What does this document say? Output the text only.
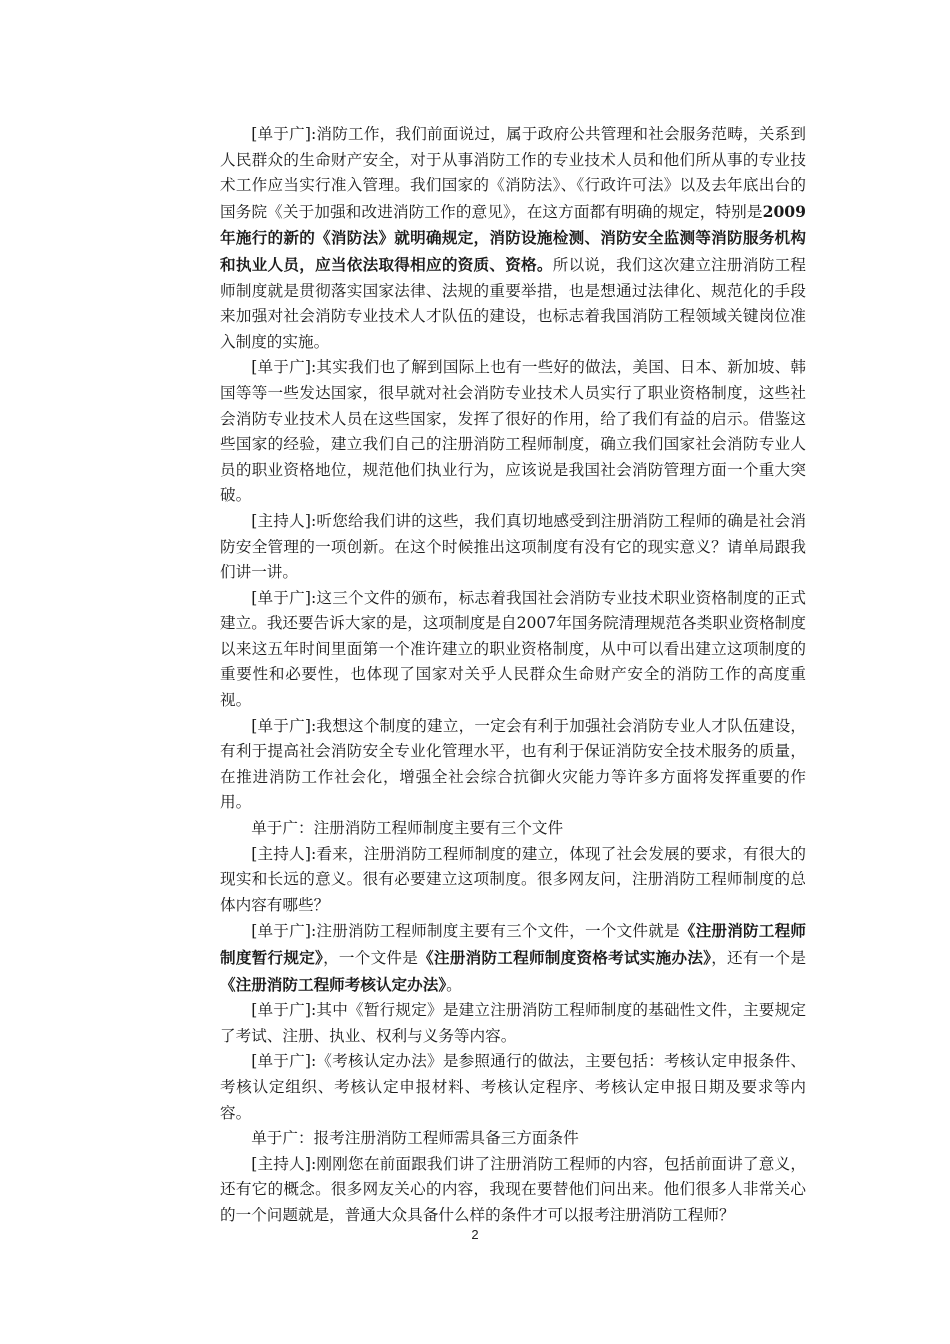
[单于广]:消防工作，我们前面说过，属于政府公共管理和社会服务范畴，关系到人民群众的生命财产安全，对于从事消防工作的专业技术人员和他们所从事的专业技术工作应当实行准入管理。我们国家的《消防法》、《行政许可法》以及去年底出台的国务院《关于加强和改进消防工作的意见》，在这方面都有明确的规定，特别是2009年施行的新的《消防法》就明确规定，消防设施检测、消防安全监测等消防服务机构和执业人员，应当依法取得相应的资质、资格。所以说，我们这次建立注册消防工程师制度就是贯彻落实国家法律、法规的重要举措，也是想通过法律化、规范化的手段来加强对社会消防专业技术人才队伍的建设，也标志着我国消防工程领域关键岗位准入制度的实施。

[单于广]:其实我们也了解到国际上也有一些好的做法，美国、日本、新加坡、韩国等等一些发达国家，很早就对社会消防专业技术人员实行了职业资格制度，这些社会消防专业技术人员在这些国家，发挥了很好的作用，给了我们有益的启示。借鉴这些国家的经验，建立我们自己的注册消防工程师制度，确立我们国家社会消防专业人员的职业资格地位，规范他们执业行为，应该说是我国社会消防管理方面一个重大突破。

[主持人]:听您给我们讲的这些，我们真切地感受到注册消防工程师的确是社会消防安全管理的一项创新。在这个时候推出这项制度有没有它的现实意义？请单局跟我们讲一讲。

[单于广]:这三个文件的颁布，标志着我国社会消防专业技术职业资格制度的正式建立。我还要告诉大家的是，这项制度是自2007年国务院清理规范各类职业资格制度以来这五年时间里面第一个准许建立的职业资格制度，从中可以看出建立这项制度的重要性和必要性，也体现了国家对关乎人民群众生命财产安全的消防工作的高度重视。

[单于广]:我想这个制度的建立，一定会有利于加强社会消防专业人才队伍建设，有利于提高社会消防安全专业化管理水平，也有利于保证消防安全技术服务的质量，在推进消防工作社会化，增强全社会综合抗御火灾能力等许多方面将发挥重要的作用。

单于广：注册消防工程师制度主要有三个文件

[主持人]:看来，注册消防工程师制度的建立，体现了社会发展的要求，有很大的现实和长远的意义。很有必要建立这项制度。很多网友问，注册消防工程师制度的总体内容有哪些？

[单于广]:注册消防工程师制度主要有三个文件，一个文件就是《注册消防工程师制度暂行规定》，一个文件是《注册消防工程师制度资格考试实施办法》，还有一个是《注册消防工程师考核认定办法》。

[单于广]:其中《暂行规定》是建立注册消防工程师制度的基础性文件，主要规定了考试、注册、执业、权利与义务等内容。

[单于广]:《考核认定办法》是参照通行的做法，主要包括：考核认定申报条件、考核认定组织、考核认定申报材料、考核认定程序、考核认定申报日期及要求等内容。

单于广：报考注册消防工程师需具备三方面条件

[主持人]:刚刚您在前面跟我们讲了注册消防工程师的内容，包括前面讲了意义，还有它的概念。很多网友关心的内容，我现在要替他们问出来。他们很多人非常关心的一个问题就是，普通大众具备什么样的条件才可以报考注册消防工程师？

2
